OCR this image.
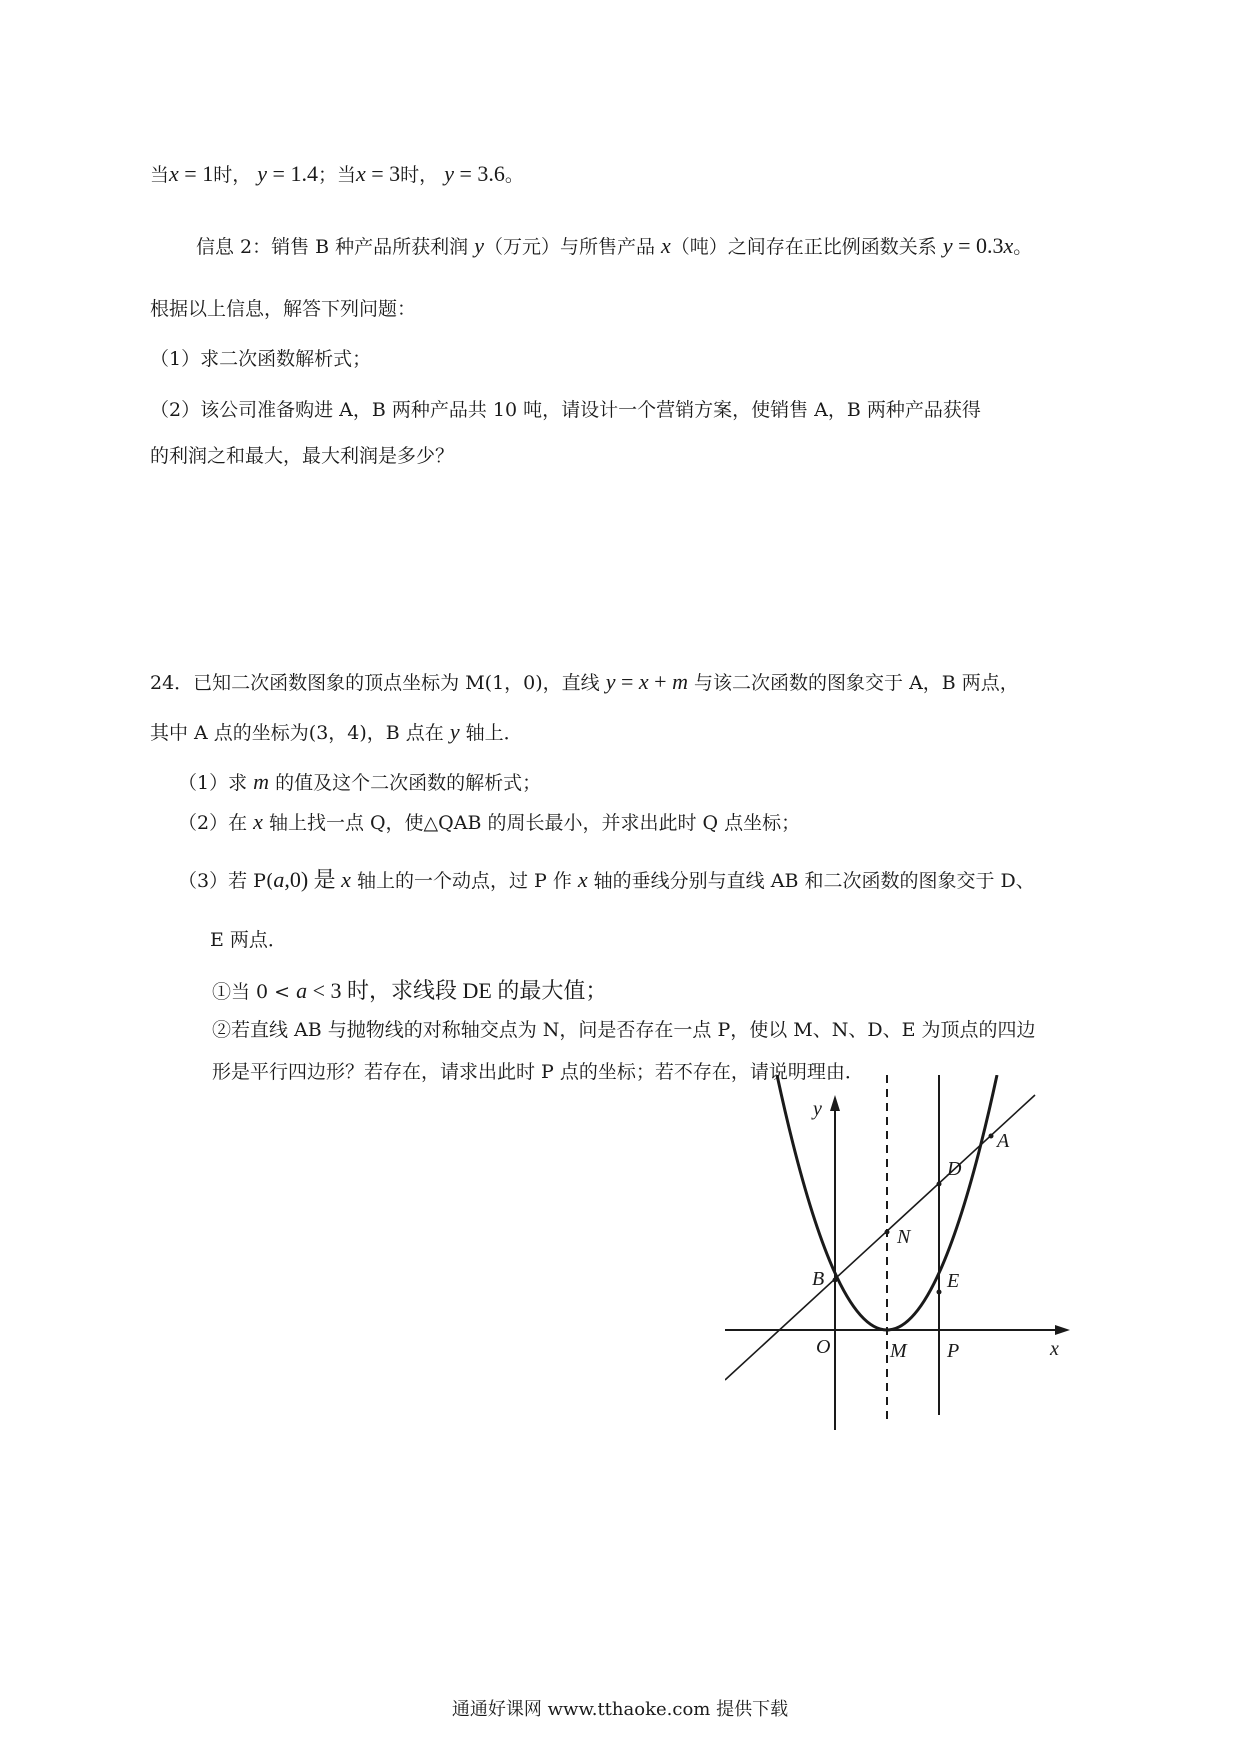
当x = 1时， y = 1.4；当x = 3时， y = 3.6。
信息 2：销售 B 种产品所获利润 y（万元）与所售产品 x（吨）之间存在正比例函数关系 y = 0.3x。
根据以上信息，解答下列问题：
（1）求二次函数解析式；
（2）该公司准备购进 A，B 两种产品共 10 吨，请设计一个营销方案，使销售 A，B 两种产品获得
的利润之和最大，最大利润是多少？
24．已知二次函数图象的顶点坐标为 M(1，0)，直线 y = x + m 与该二次函数的图象交于 A，B 两点，
其中 A 点的坐标为(3，4)，B 点在 y 轴上．
（1）求 m 的值及这个二次函数的解析式；
（2）在 x 轴上找一点 Q，使△QAB 的周长最小，并求出此时 Q 点坐标；
（3）若 P(a,0) 是 x 轴上的一个动点，过 P 作 x 轴的垂线分别与直线 AB 和二次函数的图象交于 D、
E 两点．
①当 0 < a < 3 时，求线段 DE 的最大值；
②若直线 AB 与抛物线的对称轴交点为 N，问是否存在一点 P，使以 M、N、D、E 为顶点的四边
形是平行四边形？若存在，请求出此时 P 点的坐标；若不存在，请说明理由．
y
x
A
D
N
E
B
O	M P
通通好课网 www.tthaoke.com 提供下载
